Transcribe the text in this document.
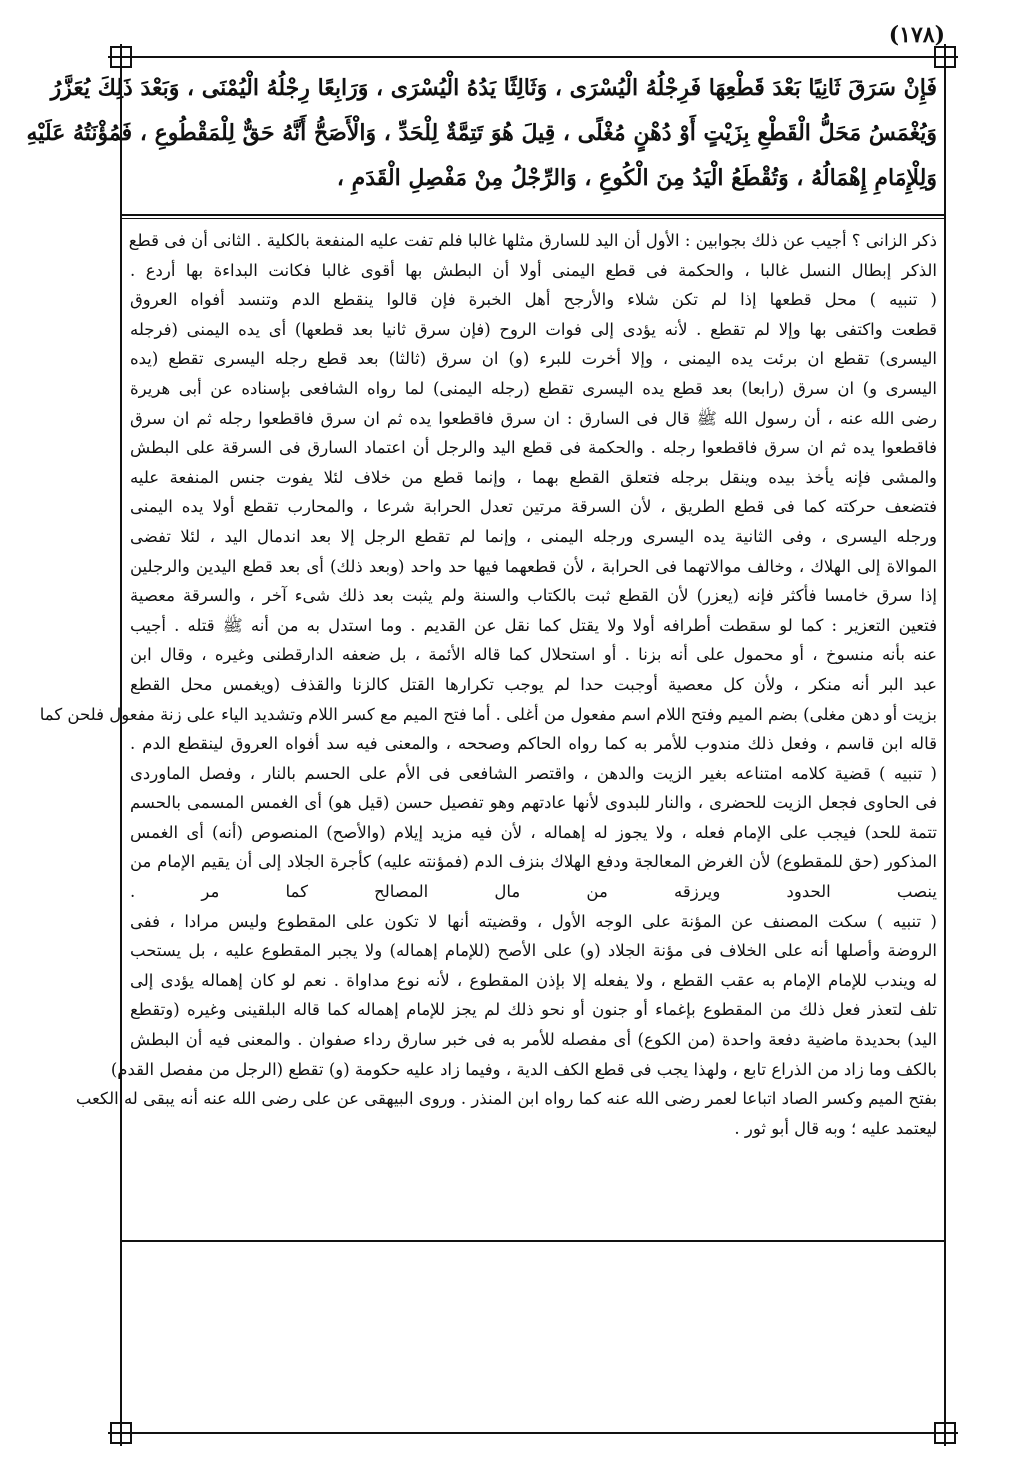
(١٧٨)

فَإِنْ سَرَقَ ثَانِيًا بَعْدَ قَطْعِهَا فَرِجْلُهُ الْيُسْرَى ، وَثَالِثًا يَدُهُ الْيُسْرَى ، وَرَابِعًا رِجْلُهُ الْيُمْنَى ، وَبَعْدَ ذَلِكَ يُعَزَّرُ

وَيُغْمَسُ مَحَلُّ الْقَطْعِ بِزَيْتٍ أَوْ دُهْنٍ مُغْلًى ، قِيلَ هُوَ تَتِمَّةٌ لِلْحَدِّ ، وَالْأَصَحُّ أَنَّهُ حَقٌّ لِلْمَقْطُوعِ ، فَمُؤْنَتُهُ عَلَيْهِ

وَلِلْإِمَامِ إِهْمَالُهُ ، وَتُقْطَعُ الْيَدُ مِنَ الْكُوعِ ، وَالرِّجْلُ مِنْ مَفْصِلِ الْقَدَمِ ،

ذكر الزانى ؟ أجيب عن ذلك بجوابين : الأول أن اليد للسارق مثلها غالبا فلم تفت عليه المنفعة بالكلية . الثانى أن فى قطع

الذكر إبطال النسل غالبا ، والحكمة فى قطع اليمنى أولا أن البطش بها أقوى غالبا فكانت البداءة بها أردع .

( تنبيه ) محل قطعها إذا لم تكن شلاء والأرجح أهل الخبرة فإن قالوا ينقطع الدم وتنسد أفواه العروق

قطعت واكتفى بها وإلا لم تقطع . لأنه يؤدى إلى فوات الروح (فإن سرق ثانيا بعد قطعها) أى يده اليمنى (فرجله

اليسرى) تقطع ان برئت يده اليمنى ، وإلا أخرت للبرء (و) ان سرق (ثالثا) بعد قطع رجله اليسرى تقطع (يده

اليسرى و) ان سرق (رابعا) بعد قطع يده اليسرى تقطع (رجله اليمنى) لما رواه الشافعى بإسناده عن أبى هريرة

رضى الله عنه ، أن رسول الله ﷺ قال فى السارق : ان سرق فاقطعوا يده ثم ان سرق فاقطعوا رجله ثم ان سرق

فاقطعوا يده ثم ان سرق فاقطعوا رجله . والحكمة فى قطع اليد والرجل أن اعتماد السارق فى السرقة على البطش

والمشى فإنه يأخذ بيده وينقل برجله فتعلق القطع بهما ، وإنما قطع من خلاف لئلا يفوت جنس المنفعة عليه

فتضعف حركته كما فى قطع الطريق ، لأن السرقة مرتين تعدل الحرابة شرعا ، والمحارب تقطع أولا يده اليمنى

ورجله اليسرى ، وفى الثانية يده اليسرى ورجله اليمنى ، وإنما لم تقطع الرجل إلا بعد اندمال اليد ، لئلا تفضى

الموالاة إلى الهلاك ، وخالف موالاتهما فى الحرابة ، لأن قطعهما فيها حد واحد (وبعد ذلك) أى بعد قطع اليدين والرجلين

إذا سرق خامسا فأكثر فإنه (يعزر) لأن القطع ثبت بالكتاب والسنة ولم يثبت بعد ذلك شىء آخر ، والسرقة معصية

فتعين التعزير : كما لو سقطت أطرافه أولا ولا يقتل كما نقل عن القديم . وما استدل به من أنه ﷺ قتله . أجيب

عنه بأنه منسوخ ، أو محمول على أنه بزنا . أو استحلال كما قاله الأئمة ، بل ضعفه الدارقطنى وغيره ، وقال ابن

عبد البر أنه منكر ، ولأن كل معصية أوجبت حدا لم يوجب تكرارها القتل كالزنا والقذف (ويغمس محل القطع

بزيت أو دهن مغلى) بضم الميم وفتح اللام اسم مفعول من أغلى . أما فتح الميم مع كسر اللام وتشديد الياء على زنة مفعول فلحن كما

قاله ابن قاسم ، وفعل ذلك مندوب للأمر به كما رواه الحاكم وصححه ، والمعنى فيه سد أفواه العروق لينقطع الدم .

( تنبيه ) قضية كلامه امتناعه بغير الزيت والدهن ، واقتصر الشافعى فى الأم على الحسم بالنار ، وفصل الماوردى

فى الحاوى فجعل الزيت للحضرى ، والنار للبدوى لأنها عادتهم وهو تفصيل حسن (قيل هو) أى الغمس المسمى بالحسم

تتمة للحد) فيجب على الإمام فعله ، ولا يجوز له إهماله ، لأن فيه مزيد إيلام (والأصح) المنصوص (أنه) أى الغمس

المذكور (حق للمقطوع) لأن الغرض المعالجة ودفع الهلاك بنزف الدم (فمؤنته عليه) كأجرة الجلاد إلى أن يقيم الإمام من

ينصب الحدود ويرزقه من مال المصالح كما مر .

( تنبيه ) سكت المصنف عن المؤنة على الوجه الأول ، وقضيته أنها لا تكون على المقطوع وليس مرادا ، ففى

الروضة وأصلها أنه على الخلاف فى مؤنة الجلاد (و) على الأصح (للإمام إهماله) ولا يجبر المقطوع عليه ، بل يستحب

له ويندب للإمام الإمام به عقب القطع ، ولا يفعله إلا بإذن المقطوع ، لأنه نوع مداواة . نعم لو كان إهماله يؤدى إلى

تلف لتعذر فعل ذلك من المقطوع بإغماء أو جنون أو نحو ذلك لم يجز للإمام إهماله كما قاله البلقينى وغيره (وتقطع

اليد) بحديدة ماضية دفعة واحدة (من الكوع) أى مفصله للأمر به فى خبر سارق رداء صفوان . والمعنى فيه أن البطش

بالكف وما زاد من الذراع تابع ، ولهذا يجب فى قطع الكف الدية ، وفيما زاد عليه حكومة (و) تقطع (الرجل من مفصل القدم)

بفتح الميم وكسر الصاد اتباعا لعمر رضى الله عنه كما رواه ابن المنذر . وروى البيهقى عن على رضى الله عنه أنه يبقى له الكعب

ليعتمد عليه ؛ وبه قال أبو ثور .
